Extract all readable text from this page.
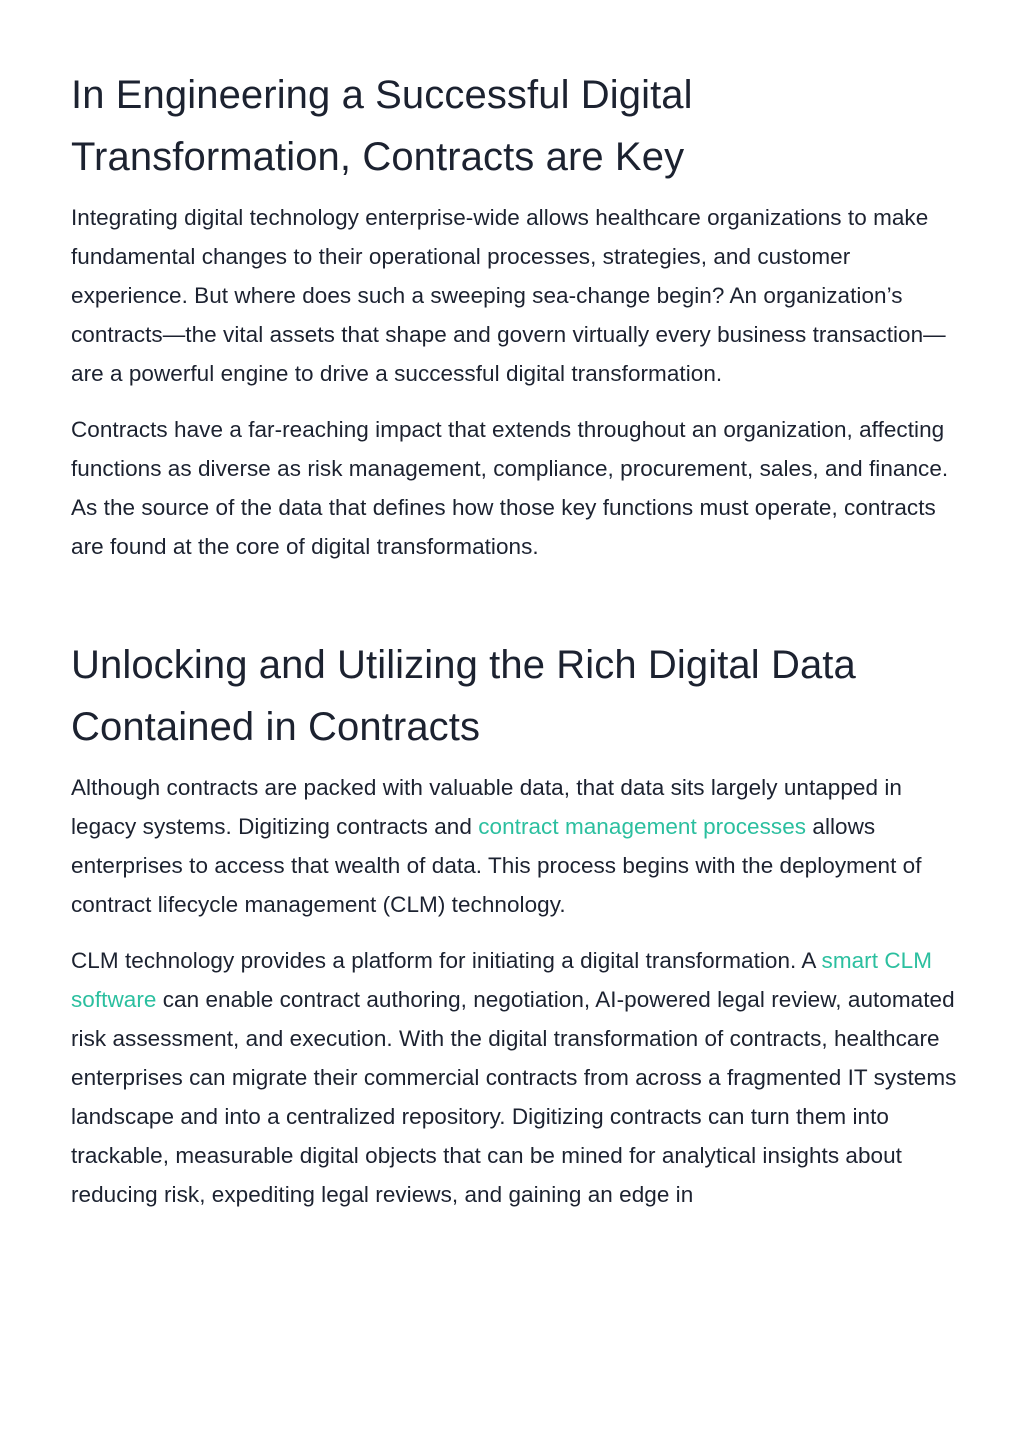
In Engineering a Successful Digital Transformation, Contracts are Key

Integrating digital technology enterprise-wide allows healthcare organizations to make fundamental changes to their operational processes, strategies, and customer experience. But where does such a sweeping sea-change begin? An organization’s contracts—the vital assets that shape and govern virtually every business transaction—are a powerful engine to drive a successful digital transformation.

Contracts have a far-reaching impact that extends throughout an organization, affecting functions as diverse as risk management, compliance, procurement, sales, and finance. As the source of the data that defines how those key functions must operate, contracts are found at the core of digital transformations.

Unlocking and Utilizing the Rich Digital Data Contained in Contracts

Although contracts are packed with valuable data, that data sits largely untapped in legacy systems. Digitizing contracts and contract management processes allows enterprises to access that wealth of data. This process begins with the deployment of contract lifecycle management (CLM) technology.

CLM technology provides a platform for initiating a digital transformation. A smart CLM software can enable contract authoring, negotiation, AI-powered legal review, automated risk assessment, and execution. With the digital transformation of contracts, healthcare enterprises can migrate their commercial contracts from across a fragmented IT systems landscape and into a centralized repository. Digitizing contracts can turn them into trackable, measurable digital objects that can be mined for analytical insights about reducing risk, expediting legal reviews, and gaining an edge in
